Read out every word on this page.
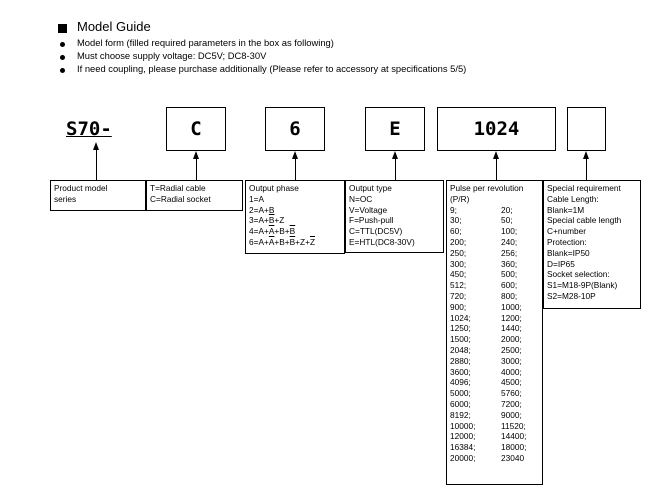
Model Guide
Model form (filled required parameters in the box as following)
Must choose supply voltage: DC5V; DC8-30V
If need coupling, please purchase additionally (Please refer to accessory at specifications 5/5)
S70-	C	6	E	1024
Product model
series
T=Radial cable
C=Radial socket
Output phase
1=A
2=A+B
$3=A+\overline{B}+Z$
$4=A+\overline{A}+B+\overline{B}$
$6=A+\overline{A}+B+\overline{B}+Z+\overline{Z}$
Output type
N=OC
V=Voltage
F=Push-pull
C=TTL(DC5V)
E=HTL(DC8-30V)
Pulse per revolution
(P/R)
9;	20;
30;	50;
60;	100;
200;	240;
250;	256;
300;	360;
450;	500;
512;	600;
720;	800;
900;	1000;
1024;	1200;
1250;	1440;
1500;	2000;
2048;	2500;
2880;	3000;
3600;	4000;
4096;	4500;
5000;	5760;
6000;	7200;
8192;	9000;
10000;	11520;
12000;	14400;
16384;	18000;
20000;	23040
Special requirement
Cable Length:
Blank=1M
Special cable length
C+number
Protection:
Blank=IP50
D=IP65
Socket selection:
S1=M18-9P(Blank)
S2=M28-10P
